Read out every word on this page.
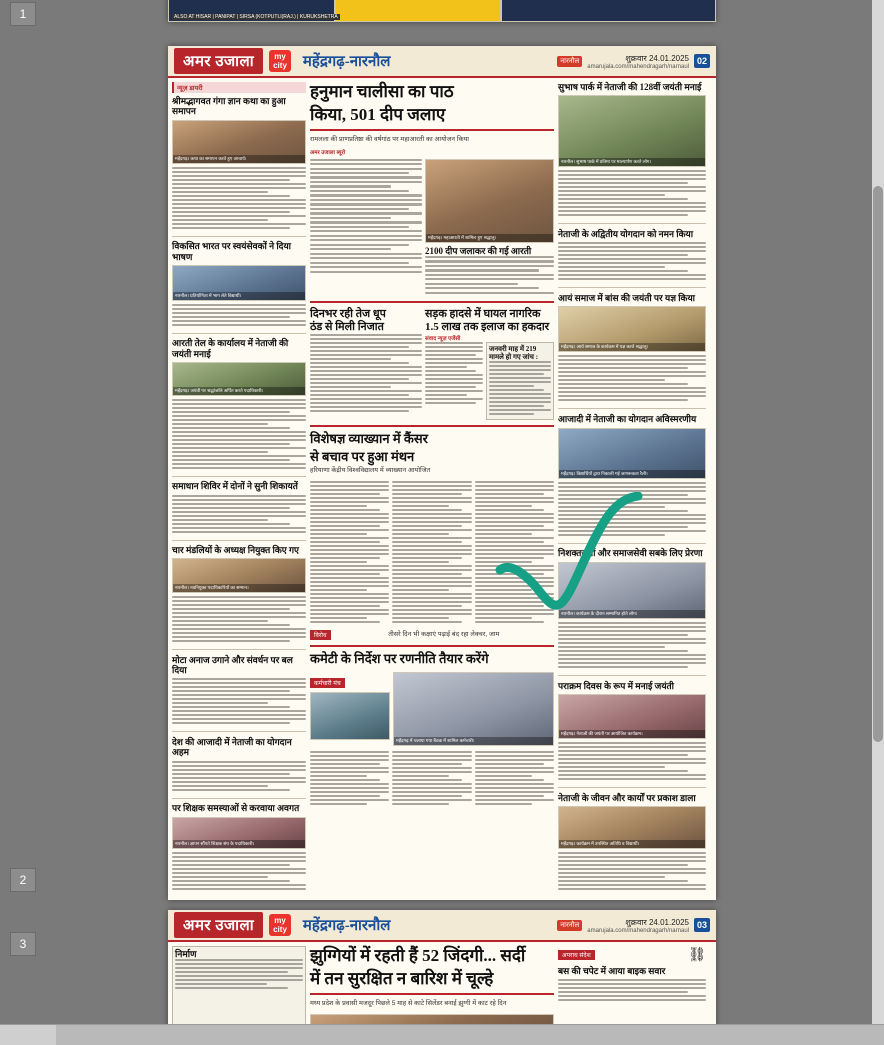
ALSO AT HISAR | PANIPAT | SIRSA (KOTPUTLI(RAJ.) | KURUKSHETRA
1
अमर उजाला	my
city महेंद्रगढ़-नारनौल	नारनौल	शुक्रवार 24.01.2025
amarujala.com/mahendragarh/narnaul
02
न्यूज़ डायरी
श्रीमद्भागवत गंगा ज्ञान कथा का हुआ समापन
महेंद्रगढ़। कथा का समापन करते हुए आचार्य।
विकसित भारत पर स्वयंसेवकों ने दिया भाषण
नारनौल। प्रतियोगिता में भाग लेते विद्यार्थी।
आरती तेल के कार्यालय में नेताजी की जयंती मनाई
महेंद्रगढ़। जयंती पर श्रद्धांजलि अर्पित करते पदाधिकारी।
समाधान शिविर में दोनों ने सुनी शिकायतें
चार मंडलियों के अध्यक्ष नियुक्त किए गए
नारनौल। नवनियुक्त पदाधिकारियों का सम्मान।
मोटा अनाज उगाने और संवर्धन पर बल दिया
देश की आजादी में नेताजी का योगदान अहम
पर शिक्षक समस्याओं से करवाया अवगत
नारनौल। ज्ञापन सौंपते शिक्षक संघ के पदाधिकारी।
हनुमान चालीसा का पाठ
किया, 501 दीप जलाए
रामलला की प्राणप्रतिष्ठा की वर्षगांठ पर महाआरती का आयोजन किया
अमर उजाला ब्यूरो
महेंद्रगढ़। महाआरती में शामिल हुए श्रद्धालु।
2100 दीप जलाकर की गई आरती
दिनभर रही तेज धूप
ठंड से मिली निजात
सड़क हादसे में घायल नागरिक
1.5 लाख तक इलाज का हकदार
संवाद न्यूज़ एजेंसी
जनवरी माह में 219 मामले हो गए जांच :
विशेषज्ञ व्याख्यान में कैंसर
से बचाव पर हुआ मंथन
हरियाणा केंद्रीय विश्वविद्यालय में व्याख्यान आयोजित
विरोध	तीसरे दिन भी कक्षाएं पढ़ाई बंद रहा लेक्चर, जाम
कमेटी के निर्देश पर रणनीति तैयार करेंगे
कर्मचारी मंच
महेंद्रगढ़ में चलाया गया बैठक में शामिल कर्मचारी।
सुभाष पार्क में नेताजी की 128वीं जयंती मनाई
नारनौल। सुभाष पार्क में प्रतिमा पर माल्यार्पण करते लोग।
नेताजी के अद्वितीय योगदान को नमन किया
आयं समाज में बांस की जयंती पर यज्ञ किया
महेंद्रगढ़। आर्य समाज के कार्यक्रम में यज्ञ करते श्रद्धालु।
आजादी में नेताजी का योगदान अविस्मरणीय
महेंद्रगढ़। विद्यार्थियों द्वारा निकाली गई जागरूकता रैली।
निशक्तजनों और समाजसेवी सबके लिए प्रेरणा
नारनौल। कार्यक्रम के दौरान सम्मानित होते लोग।
पराक्रम दिवस के रूप में मनाई जयंती
महेंद्रगढ़। नेताजी की जयंती पर आयोजित कार्यक्रम।
नेताजी के जीवन और कार्यों पर प्रकाश डाला
महेंद्रगढ़। कार्यक्रम में उपस्थित अतिथि व विद्यार्थी।
2
अमर उजाला	my
city महेंद्रगढ़-नारनौल	नारनौल	शुक्रवार 24.01.2025
amarujala.com/mahendragarh/narnaul
03
निर्माण	झुग्गियों में रहती हैं 52 जिंदगी... सर्दी
में तन सुरक्षित न बारिश में चूल्हे
मध्य प्रदेश के प्रवासी मजदूर पिछले 5 माह से काटे सिलेंडर बनाई झुग्गी में काट रहे दिन
अपराध संदेश	⛓
बस की चपेट में आया बाइक सवार
3
